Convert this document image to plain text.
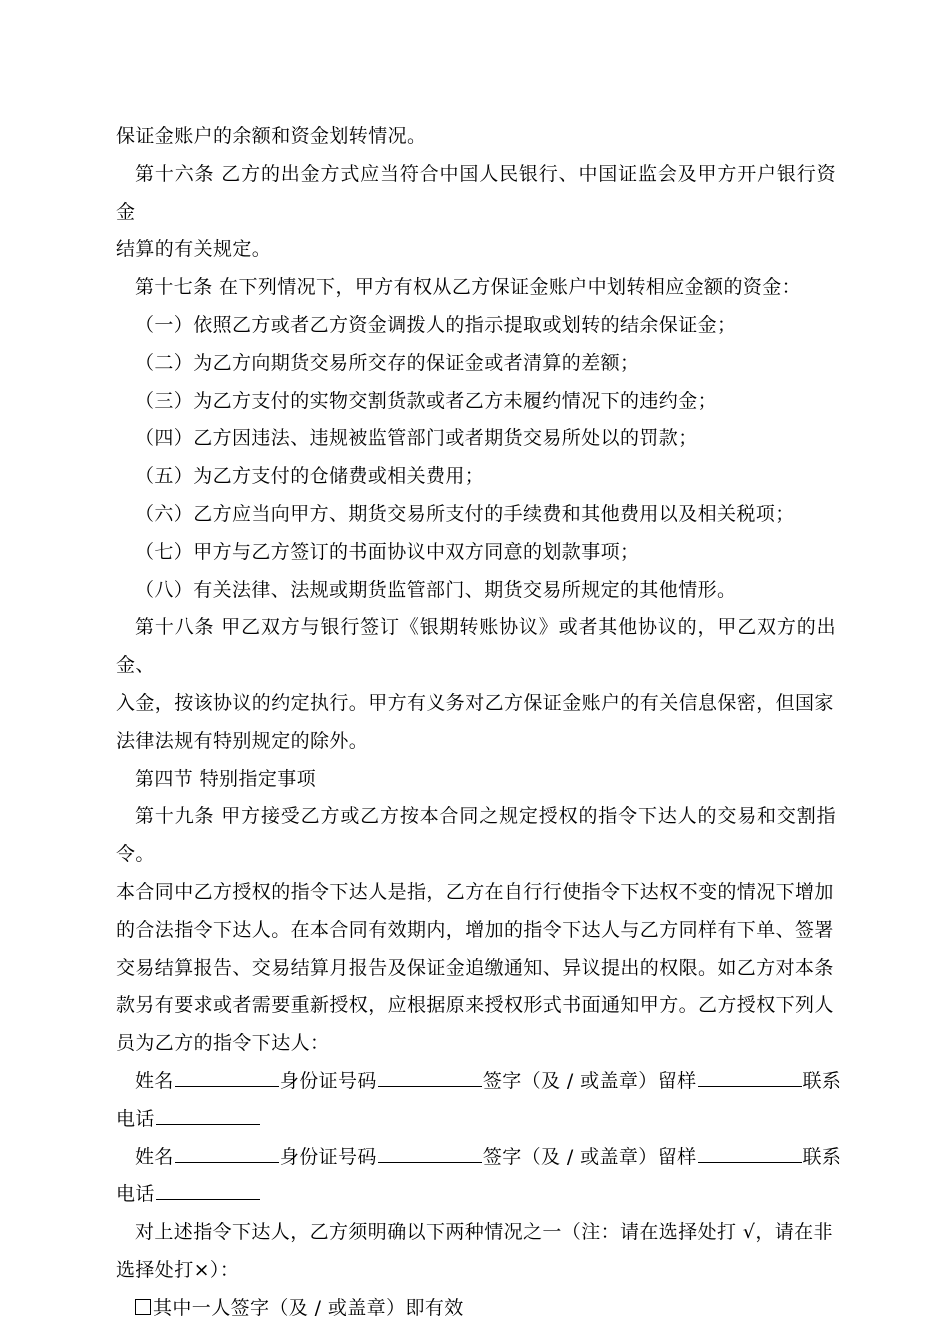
保证金账户的余额和资金划转情况。

第十六条 乙方的出金方式应当符合中国人民银行、中国证监会及甲方开户银行资金

结算的有关规定。

第十七条 在下列情况下，甲方有权从乙方保证金账户中划转相应金额的资金：

（一）依照乙方或者乙方资金调拨人的指示提取或划转的结余保证金；

（二）为乙方向期货交易所交存的保证金或者清算的差额；

（三）为乙方支付的实物交割货款或者乙方未履约情况下的违约金；

（四）乙方因违法、违规被监管部门或者期货交易所处以的罚款；

（五）为乙方支付的仓储费或相关费用；

（六）乙方应当向甲方、期货交易所支付的手续费和其他费用以及相关税项；

（七）甲方与乙方签订的书面协议中双方同意的划款事项；

（八）有关法律、法规或期货监管部门、期货交易所规定的其他情形。

第十八条 甲乙双方与银行签订《银期转账协议》或者其他协议的，甲乙双方的出金、

入金，按该协议的约定执行。甲方有义务对乙方保证金账户的有关信息保密，但国家

法律法规有特别规定的除外。

第四节 特别指定事项

第十九条 甲方接受乙方或乙方按本合同之规定授权的指令下达人的交易和交割指令。

本合同中乙方授权的指令下达人是指，乙方在自行行使指令下达权不变的情况下增加

的合法指令下达人。在本合同有效期内，增加的指令下达人与乙方同样有下单、签署

交易结算报告、交易结算月报告及保证金追缴通知、异议提出的权限。如乙方对本条

款另有要求或者需要重新授权，应根据原来授权形式书面通知甲方。乙方授权下列人

员为乙方的指令下达人：

姓名	身份证号码	签字（及 / 或盖章）留样	联系

电话

姓名	身份证号码	签字（及 / 或盖章）留样	联系

电话

对上述指令下达人，乙方须明确以下两种情况之一（注：请在选择处打 √，请在非

选择处打×）：

其中一人签字（及 / 或盖章）即有效
